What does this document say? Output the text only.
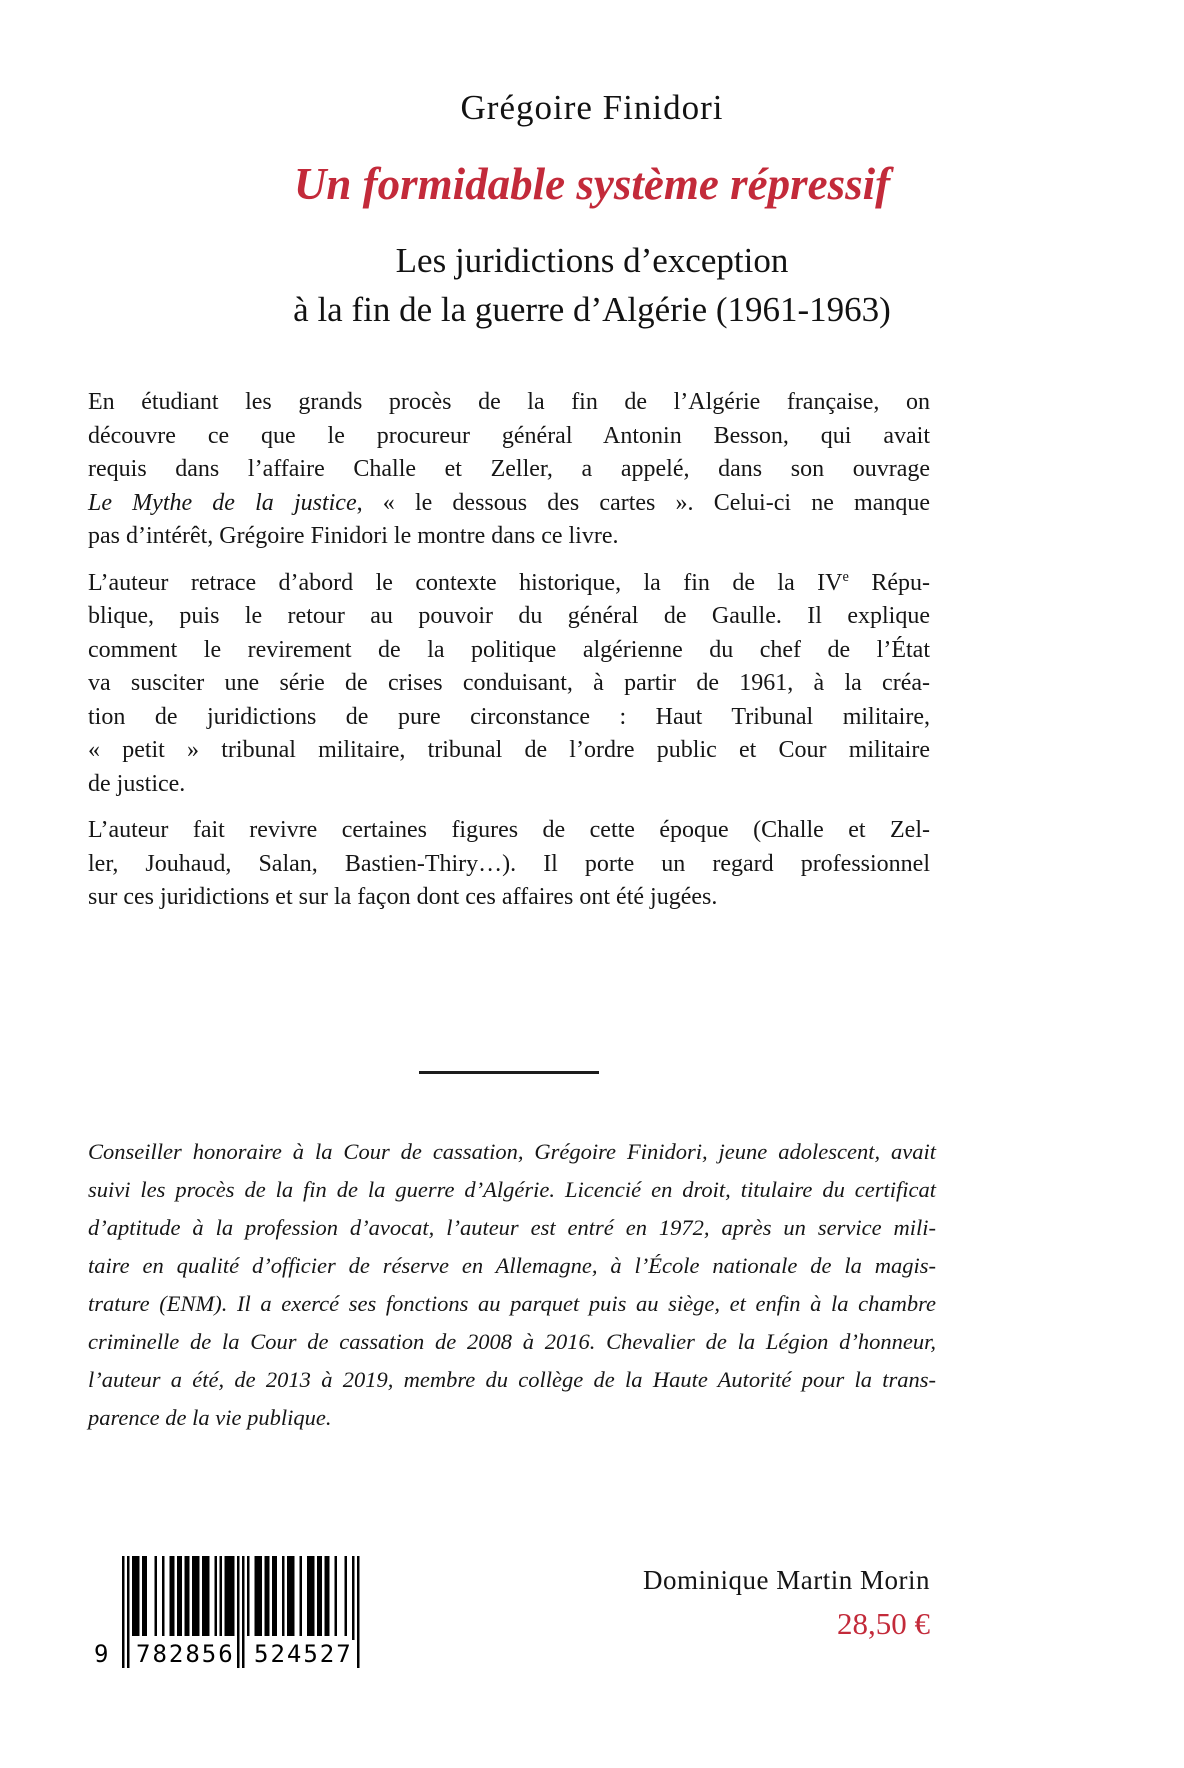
Grégoire Finidori
Un formidable système répressif
Les juridictions d’exception
à la fin de la guerre d’Algérie (1961-1963)
En étudiant les grands procès de la fin de l’Algérie française, on
découvre ce que le procureur général Antonin Besson, qui avait
requis dans l’affaire Challe et Zeller, a appelé, dans son ouvrage
Le Mythe de la justice, « le dessous des cartes ». Celui-ci ne manque
pas d’intérêt, Grégoire Finidori le montre dans ce livre.
L’auteur retrace d’abord le contexte historique, la fin de la IVe Répu-
blique, puis le retour au pouvoir du général de Gaulle. Il explique
comment le revirement de la politique algérienne du chef de l’État
va susciter une série de crises conduisant, à partir de 1961, à la créa-
tion de juridictions de pure circonstance : Haut Tribunal militaire,
« petit » tribunal militaire, tribunal de l’ordre public et Cour militaire
de justice.
L’auteur fait revivre certaines figures de cette époque (Challe et Zel-
ler, Jouhaud, Salan, Bastien-Thiry…). Il porte un regard professionnel
sur ces juridictions et sur la façon dont ces affaires ont été jugées.
Conseiller honoraire à la Cour de cassation, Grégoire Finidori, jeune adolescent, avait
suivi les procès de la fin de la guerre d’Algérie. Licencié en droit, titulaire du certificat
d’aptitude à la profession d’avocat, l’auteur est entré en 1972, après un service mili-
taire en qualité d’officier de réserve en Allemagne, à l’École nationale de la magis-
trature (ENM). Il a exercé ses fonctions au parquet puis au siège, et enfin à la chambre
criminelle de la Cour de cassation de 2008 à 2016. Chevalier de la Légion d’honneur,
l’auteur a été, de 2013 à 2019, membre du collège de la Haute Autorité pour la trans-
parence de la vie publique.
9 782856 524527
Dominique Martin Morin
28,50 €
